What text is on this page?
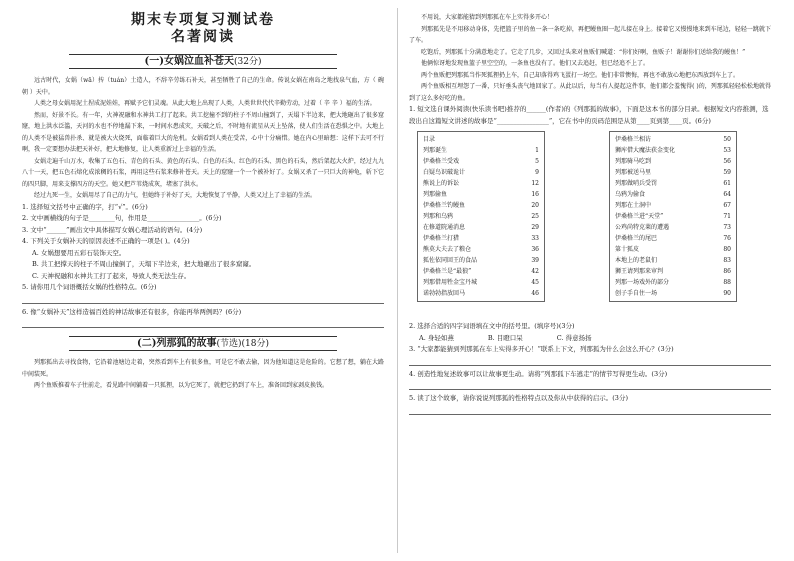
期末专项复习测试卷
名著阅读
(一)女娲泣血补苍天(32分)

远古时代，女娲（wā）抟（tuán）土造人，不辞辛劳练石补天，甚至牺牲了自己的生命。传说女娲在南岛之地找泉气血，方（ 碗 朝 ）天中。

人类之母女娲用泥土捏成泥娃娃，再赋予它们灵魂。从此大地上出现了人类，人类世世代代辛勤劳动，过着（ 辛 辛 ）福的生活。

然而，好景不长。有一年，火神祝融和水神共工打了起来。共工挖撞不到的柱子不周山撞到了，天塌下半边来，把大地砸出了很多窟窿，地上洪水泛滥，天河的水也不停地漏下来，一时间水患成灾，天破之后，不时地有流星从天上坠落，使人们生活在恐惧之中。大地上的人类不是被猛兽扑杀、就是被大火烧死，面临着巨大的危机。女娲看到人类在受苦，心中十分痛惜。她在内心里暗想：这样下去可不行啊，我一定要想办法把天补好，把大地修复，让人类重新过上幸福的生活。

女娲走遍千山万水，收集了五色石、青色的石头、黄色的石头、白色的石头、红色的石头、黑色的石头，然后架起大火炉，经过九九八十一天，把五色石熔化成浓稠的石浆，再用这些石浆来修补苍天。天上的窟窿一个一个被补好了。女娲又杀了一只巨大的神龟，斩下它的四只脚，用来支撑四方的天空。她又把芦苇烧成灰，堵塞了洪水。

经过九死一生，女娲用尽了自己的力气，但她终于补好了天，大地恢复了平静，人类又过上了幸福的生活。

1. 选择短文括号中正确的字，打“√”。(6分)
2. 文中画横线的句子是________句，作用是________________。(6分)
3. 文中“______”画出文中具体描写女娲心理活动的语句。(4分)
4. 下列关于女娲补天的原因表述不正确的一项是( )。(4分)
A. 女娲想要用五彩石装饰天空。
B. 共工把撑天的柱子不周山撞倒了，天塌下半边来，把大地砸出了很多窟窿。
C. 天神祝融和水神共工打了起来，导致人类无法生存。
5. 请你用几个词语概括女娲的性格特点。(6分)
6. 像“女娲补天”这样造福百姓的神话故事还有很多，你能再举两例吗？(6分)
(二)列那狐的故事(节选)(18分)

列那狐出去寻找食物，它沿着池塘边走着，突然看到车上有很多鱼，可是它不敢去偷，因为他知道这是危险的。它想了想，躺在大路中间装死。

两个鱼贩推着车子往前走，看见路中间躺着一只狐狸，以为它死了，就把它扔到了车上，准备回到家剥皮换钱。

不用说，大家都能猜到列那狐在车上实得多开心！

列那狐先是不用移动身体，先把篮子里的鱼一条一条吃掉，再把鳗鱼圈一起儿接在身上。接着它又慢慢地来到车尾边，轻轻一跳就下了车。

吃饱后，列那狐十分满意地走了。它走了几步，又回过头来对鱼贩们喊道：“你们好啊，鱼贩子！谢谢你们送给我的鳗鱼！”

他俩惊讶地发现鱼篮子里空空的，一条鱼也没有了。他们又去追赶，但已经追不上了。

两个鱼贩把列那狐当作死狐狸扔上车，自己却落得鸡飞蛋打一场空。他们非常懊悔，再也不敢放心地把东西放到车上了。

两个鱼贩相互埋怨了一番，只好垂头丧气地回家了。从此以后，每当有人提起这件事，他们都会羞愧得( )的，列那狐轻轻松松地就得到了这么多好吃的鱼。

1. 短文选自课外阅读(快乐读书吧)推荐的______(作者)的《列那狐的故事》，下面是这本书的部分目录。根据短文内容推测，选段出自这篇短文讲述的故事是“________________”，它在书中的页码范围是从第____页到第____页。(6分)
目录
列那诞生	1
伊桑格兰受戏	5
白疑鸟识破诡计	9
熊说上的诉讼	12
列那偷鱼	16
伊桑格兰钓鳗鱼	20
列那和乌鸦	25
在修道院通消息	29
伊桑格兰打猎	33
熊莫大夫去了粮仓	36
狐佐依同回王的食品	39
伊桑格兰是“最狼”	42
列那借用牲金宝丹城	45
诺勃勃指放回马	46
伊桑格兰相访	50
狮库借大魔法获金变化	53
列那骑马吃到	56
列那被送马里	59
列那做哨兵受罚	61
乌鸦为偷食	64
列那在土洞中	67
伊桑格兰进“天堂”	71
公鸡尚特克莱的遭遇	73
伊桑格兰的尾巴	76
第十狐皮	80
本地上的老鼠们	83
狮王请列那来审判	86
列那一场戏外的部分	88
创子手自住一场	90
2. 选择合适的四字词语填在文中的括号里。(填序号)(3分)
A. 身轻如燕	B. 目瞪口呆	C. 得意扬扬
3. “大家都能猜到列那狐在车上实得多开心！”联系上下文，列那狐为什么会这么开心？(3分)
4. 创造性地复述故事可以让故事更生动。请将“列那狐下车逃走”的情节写得更生动。(3分)
5. 读了这个故事，请你说说列那狐的性格特点以及你从中获得的启示。(3分)
